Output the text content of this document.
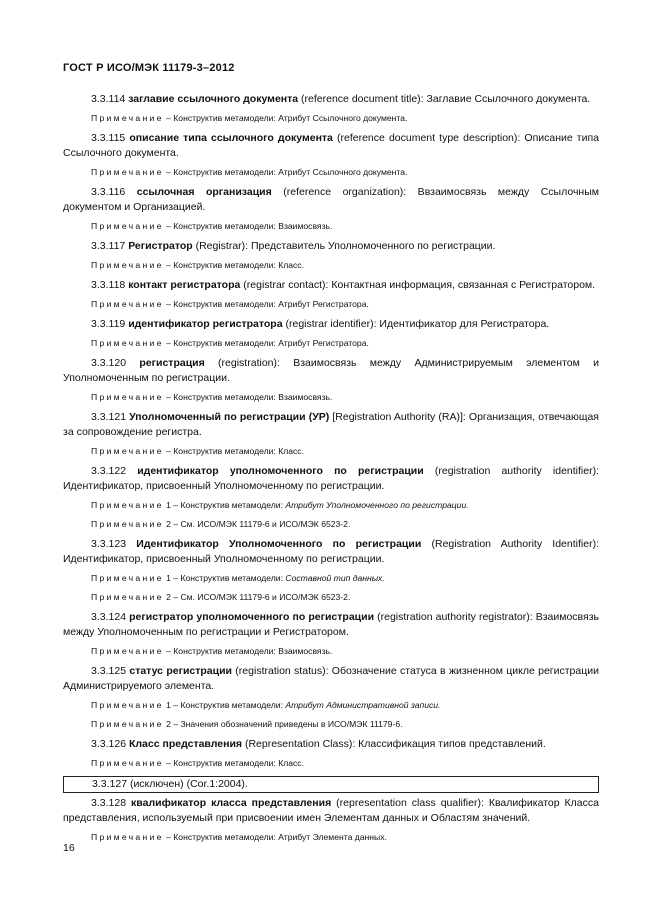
ГОСТ Р ИСО/МЭК 11179-3–2012

3.3.114 заглавие ссылочного документа (reference document title): Заглавие Ссылочного документа.

Примечание – Конструктив метамодели: Атрибут Ссылочного документа.

3.3.115 описание типа ссылочного документа (reference document type description): Описание типа Ссылочного документа.

Примечание – Конструктив метамодели: Атрибут Ссылочного документа.

3.3.116 ссылочная организация (reference organization): Ввзаимосвязь между Ссылочным документом и Организацией.

Примечание – Конструктив метамодели: Взаимосвязь.

3.3.117 Регистратор (Registrar): Представитель Уполномоченного по регистрации.

Примечание – Конструктив метамодели: Класс.

3.3.118 контакт регистратора (registrar contact): Контактная информация, связанная с Регистратором.

Примечание – Конструктив метамодели: Атрибут Регистратора.

3.3.119 идентификатор регистратора (registrar identifier): Идентификатор для Регистратора.

Примечание – Конструктив метамодели: Атрибут Регистратора.

3.3.120 регистрация (registration): Взаимосвязь между Администрируемым элементом и Уполномоченным по регистрации.

Примечание – Конструктив метамодели: Взаимосвязь.

3.3.121 Уполномоченный по регистрации (УР) [Registration Authority (RA)]: Организация, отвечающая за сопровождение регистра.

Примечание – Конструктив метамодели: Класс.

3.3.122 идентификатор уполномоченного по регистрации (registration authority identifier): Идентификатор, присвоенный Уполномоченному по регистрации.

Примечание 1 – Конструктив метамодели: Атрибут Уполномоченного по регистрации.

Примечание 2 – См. ИСО/МЭК 11179-6 и ИСО/МЭК 6523-2.

3.3.123 Идентификатор Уполномоченного по регистрации (Registration Authority Identifier): Идентификатор, присвоенный Уполномоченному по регистрации.

Примечание 1 – Конструктив метамодели: Составной тип данных.

Примечание 2 – См. ИСО/МЭК 11179-6 и ИСО/МЭК 6523-2.

3.3.124 регистратор уполномоченного по регистрации (registration authority registrator): Взаимосвязь между Уполномоченным по регистрации и Регистратором.

Примечание – Конструктив метамодели: Взаимосвязь.

3.3.125 статус регистрации (registration status): Обозначение статуса в жизненном цикле регистрации Администрируемого элемента.

Примечание 1 – Конструктив метамодели: Атрибут Административной записи.

Примечание 2 – Значения обозначений приведены в ИСО/МЭК 11179-6.

3.3.126 Класс представления (Representation Class): Классификация типов представлений.

Примечание – Конструктив метамодели: Класс.

3.3.127 (исключен) (Cor.1:2004).

3.3.128 квалификатор класса представления (representation class qualifier): Квалификатор Класса представления, используемый при присвоении имен Элементам данных и Областям значений.

Примечание – Конструктив метамодели: Атрибут Элемента данных.

16
